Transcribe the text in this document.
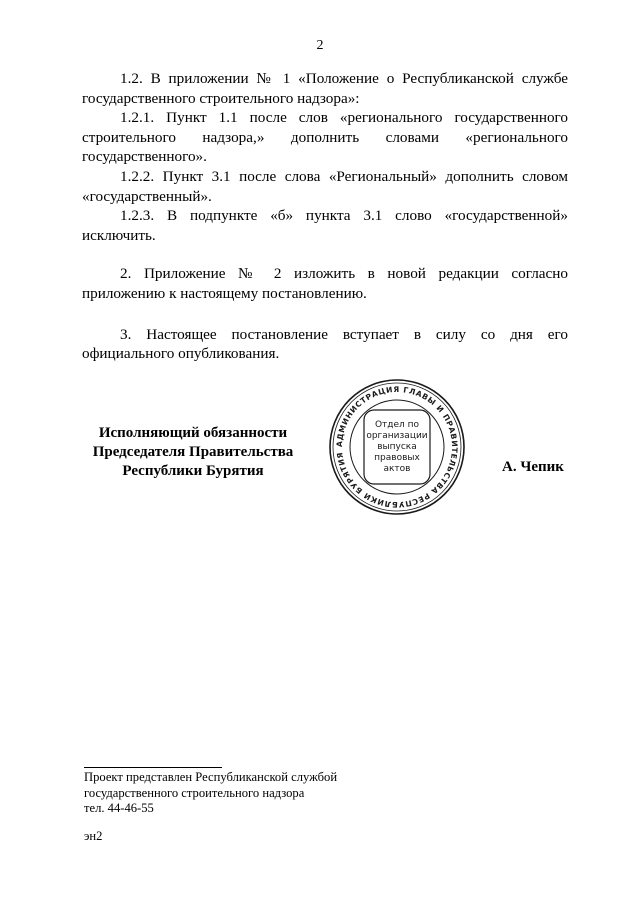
2

1.2. В приложении № 1 «Положение о Республиканской службе государственного строительного надзора»:

1.2.1. Пункт 1.1 после слов «регионального государственного строительного надзора,» дополнить словами «регионального государственного».

1.2.2. Пункт 3.1 после слова «Региональный» дополнить словом «государственный».

1.2.3. В подпункте «б» пункта 3.1 слово «государственной» исключить.

2. Приложение № 2 изложить в новой редакции согласно приложению к настоящему постановлению.

3. Настоящее постановление вступает в силу со дня его официального опубликования.

Исполняющий обязанности
Председателя Правительства
Республики Бурятия
АДМИНИСТРАЦИЯ ГЛАВЫ И ПРАВИТЕЛЬСТВА РЕСПУБЛИКИ БУРЯТИЯ
Отдел по
организации
выпуска
правовых
актов	А. Чепик
Проект представлен Республиканской службой
государственного строительного надзора
тел. 44-46-55
эн2
